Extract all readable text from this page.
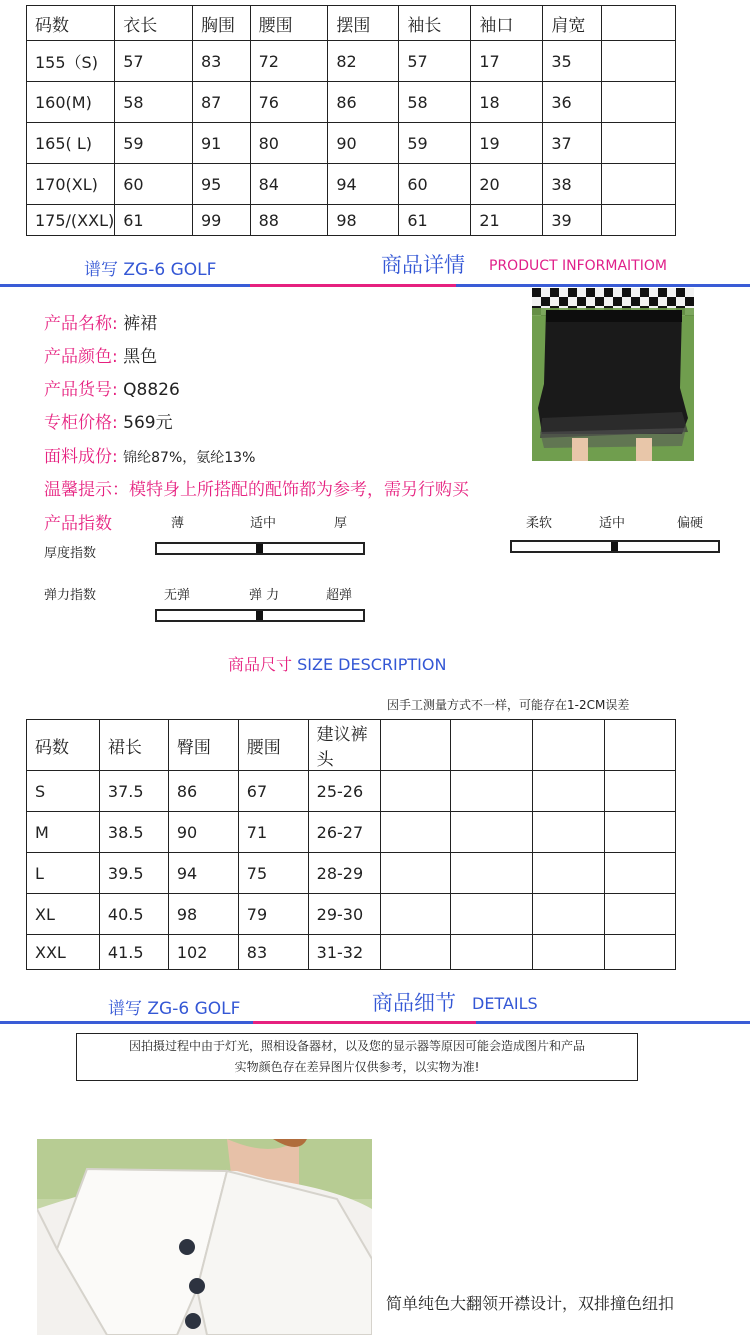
码数	衣长	胸围	腰围	摆围	袖长	袖口	肩宽	
155（S)	57	83	72	82	57	17	35	
160(M)	58	87	76	86	58	18	36	
165( L)	59	91	80	90	59	19	37	
170(XL)	60	95	84	94	60	20	38	
175/(XXL)	61	99	88	98	61	21	39	
谱写 ZG-6 GOLF	商品详情 PRODUCT INFORMAITIOM
产品名称: 裤裙
产品颜色: 黑色
产品货号: Q8826
专柜价格: 569元
面料成份: 锦纶87%，氨纶13%
温馨提示：模特身上所搭配的配饰都为参考，需另行购买
产品指数	薄	适中	厚
厚度指数
柔软	适中	偏硬
无弹	弹 力	超弹
弹力指数
商品尺寸 SIZE DESCRIPTION
因手工测量方式不一样，可能存在1-2CM误差
码数	裙长	臀围	腰围	建议裤头				
S	37.5	86	67	25-26				
M	38.5	90	71	26-27				
L	39.5	94	75	28-29				
XL	40.5	98	79	29-30				
XXL	41.5	102	83	31-32				
谱写 ZG-6 GOLF	商品细节 DETAILS
因拍摄过程中由于灯光，照相设备器材，以及您的显示器等原因可能会造成图片和产品
实物颜色存在差异图片仅供参考，以实物为准!
简单纯色大翻领开襟设计，双排撞色纽扣
